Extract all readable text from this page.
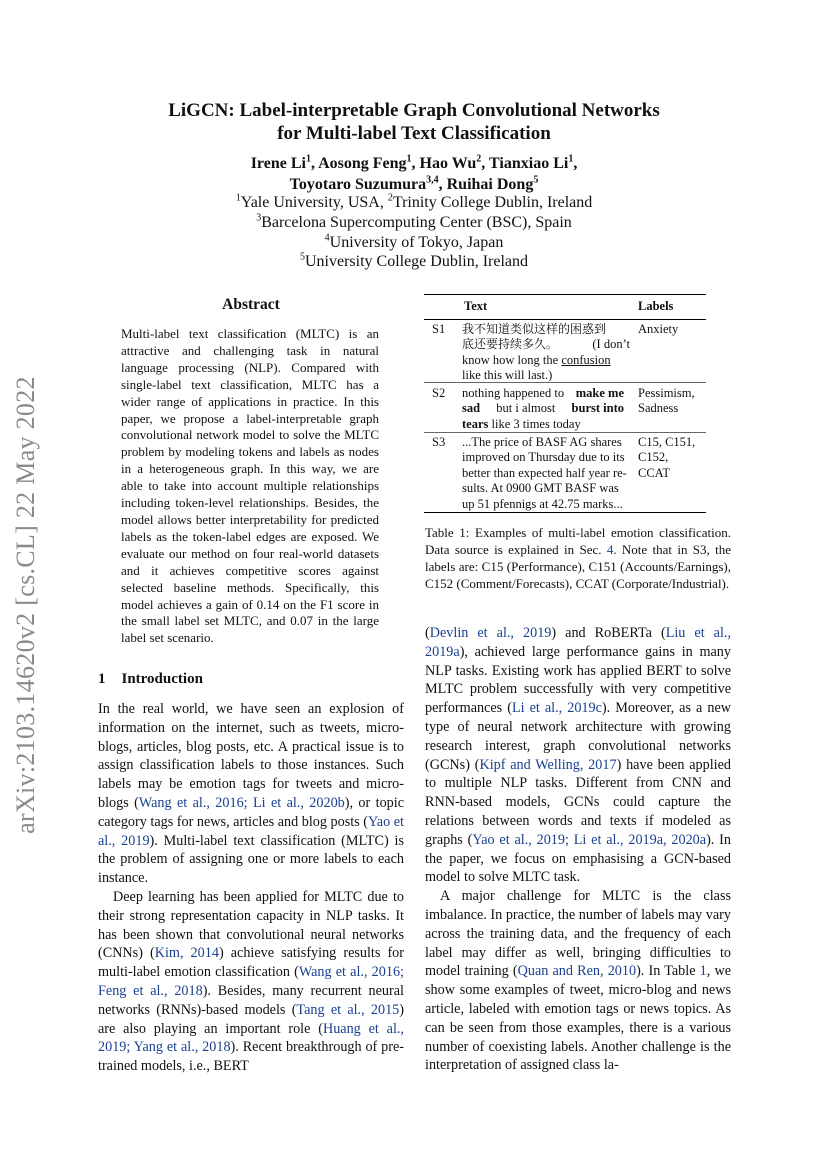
arXiv:2103.14620v2 [cs.CL] 22 May 2022
LiGCN: Label-interpretable Graph Convolutional Networks
for Multi-label Text Classification
Irene Li$^1$, Aosong Feng$^1$, Hao Wu$^2$, Tianxiao Li$^1$,
Toyotaro Suzumura$^{3,4}$, Ruihai Dong$^5$
$^1$Yale University, USA, $^2$Trinity College Dublin, Ireland
$^3$Barcelona Supercomputing Center (BSC), Spain
$^4$University of Tokyo, Japan
$^5$University College Dublin, Ireland
Abstract
Multi-label text classification (MLTC) is an attractive and challenging task in natural language processing (NLP). Compared with single-label text classification, MLTC has a wider range of applications in practice. In this paper, we propose a label-interpretable graph convolutional network model to solve the MLTC problem by modeling tokens and labels as nodes in a heterogeneous graph. In this way, we are able to take into account multiple relationships including token-level relationships. Besides, the model allows better interpretability for predicted labels as the token-label edges are exposed. We evaluate our method on four real-world datasets and it achieves competitive scores against selected baseline methods. Specifically, this model achieves a gain of 0.14 on the F1 score in the small label set MLTC, and 0.07 in the large label set scenario.
1 Introduction

In the real world, we have seen an explosion of information on the internet, such as tweets, micro-blogs, articles, blog posts, etc. A practical issue is to assign classification labels to those instances. Such labels may be emotion tags for tweets and micro-blogs (Wang et al., 2016; Li et al., 2020b), or topic category tags for news, articles and blog posts (Yao et al., 2019). Multi-label text classification (MLTC) is the problem of assigning one or more labels to each instance.

Deep learning has been applied for MLTC due to their strong representation capacity in NLP tasks. It has been shown that convolutional neural networks (CNNs) (Kim, 2014) achieve satisfying results for multi-label emotion classification (Wang et al., 2016; Feng et al., 2018). Besides, many recurrent neural networks (RNNs)-based models (Tang et al., 2015) are also playing an important role (Huang et al., 2019; Yang et al., 2018). Recent breakthrough of pre-trained models, i.e., BERT

Text	Labels
S1 我不知道类似这样的困惑到
底还要持续多久。	(I don’t
know how long the confusion
like this will last.)
Anxiety
S2 nothing happened to make me
sad but i almost burst into
tears like 3 times today
Pessimism,
Sadness
S3 ...The price of BASF AG shares
improved on Thursday due to its
better than expected half year re-
sults. At 0900 GMT BASF was
up 51 pfennigs at 42.75 marks...
C15, C151,
C152,
CCAT
Table 1: Examples of multi-label emotion classification. Data source is explained in Sec. 4. Note that in S3, the labels are: C15 (Performance), C151 (Accounts/Earnings), C152 (Comment/Forecasts), CCAT (Corporate/Industrial).

(Devlin et al., 2019) and RoBERTa (Liu et al., 2019a), achieved large performance gains in many NLP tasks. Existing work has applied BERT to solve MLTC problem successfully with very competitive performances (Li et al., 2019c). Moreover, as a new type of neural network architecture with growing research interest, graph convolutional networks (GCNs) (Kipf and Welling, 2017) have been applied to multiple NLP tasks. Different from CNN and RNN-based models, GCNs could capture the relations between words and texts if modeled as graphs (Yao et al., 2019; Li et al., 2019a, 2020a). In the paper, we focus on emphasising a GCN-based model to solve MLTC task.

A major challenge for MLTC is the class imbalance. In practice, the number of labels may vary across the training data, and the frequency of each label may differ as well, bringing difficulties to model training (Quan and Ren, 2010). In Table 1, we show some examples of tweet, micro-blog and news article, labeled with emotion tags or news topics. As can be seen from those examples, there is a various number of coexisting labels. Another challenge is the interpretation of assigned class la-
